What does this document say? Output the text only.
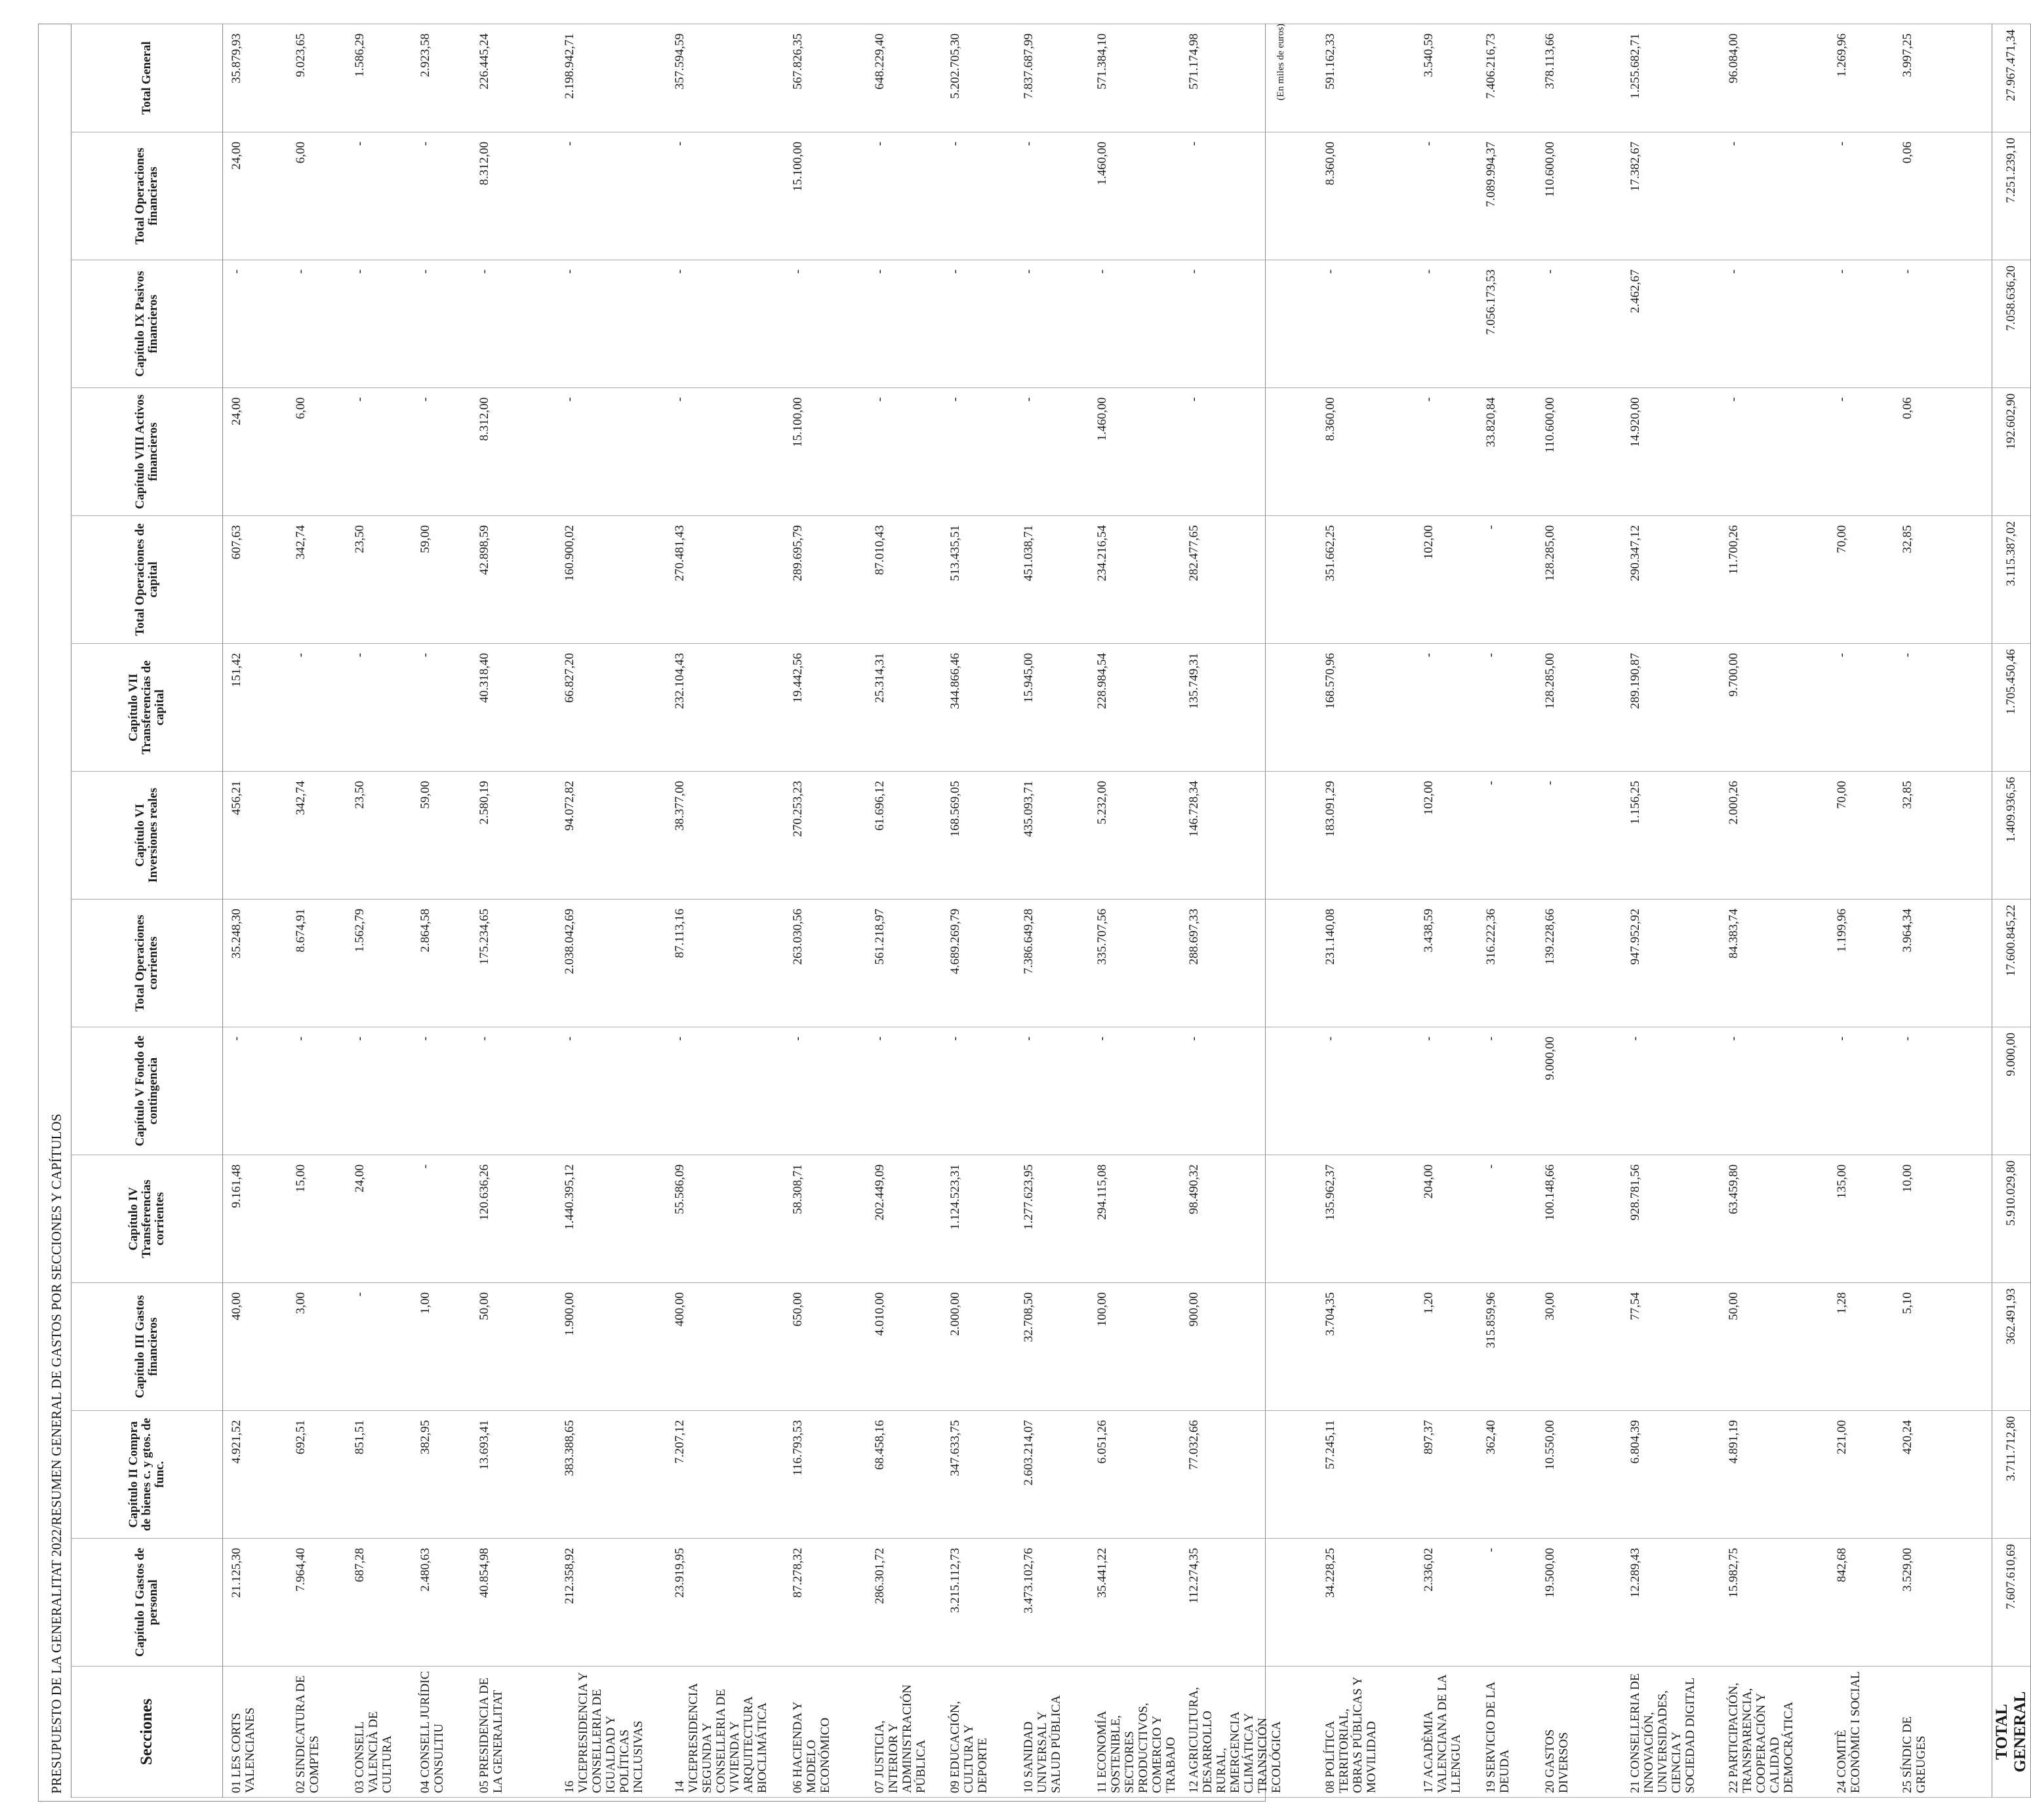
(En miles de euros)
PRESUPUESTO DE LA GENERALITAT 2022/RESUMEN GENERAL DE GASTOS POR SECCIONES Y CAPÍTULOS	Secciones	Capítulo I Gastos de personal	Capítulo II Compra de bienes c. y gtos. de func.	Capítulo III Gastos financieros	Capítulo IV Transferencias corrientes	Capítulo V Fondo de contingencia	Total Operaciones corrientes	Capítulo VI Inversiones reales	Capítulo VII Transferencias de capital	Total Operaciones de capital	Capítulo VIII Activos financieros	Capítulo IX Pasivos financieros	Total Operaciones financieras	Total General
01 LES CORTS VALENCIANES	21.125,30	4.921,52	40,00	9.161,48	-	35.248,30	456,21	151,42	607,63	24,00	-	24,00	35.879,93
02 SINDICATURA DE COMPTES	7.964,40	692,51	3,00	15,00	-	8.674,91	342,74	-	342,74	6,00	-	6,00	9.023,65
03 CONSELL VALENCIÀ DE CULTURA	687,28	851,51	-	24,00	-	1.562,79	23,50	-	23,50	-	-	-	1.586,29
04 CONSELL JURÍDIC CONSULTIU	2.480,63	382,95	1,00	-	-	2.864,58	59,00	-	59,00	-	-	-	2.923,58
05 PRESIDENCIA DE LA GENERALITAT	40.854,98	13.693,41	50,00	120.636,26	-	175.234,65	2.580,19	40.318,40	42.898,59	8.312,00	-	8.312,00	226.445,24
16 VICEPRESIDENCIA Y CONSELLERIA DE IGUALDAD Y POLÍTICAS INCLUSIVAS	212.358,92	383.388,65	1.900,00	1.440.395,12	-	2.038.042,69	94.072,82	66.827,20	160.900,02	-	-	-	2.198.942,71
14 VICEPRESIDENCIA SEGUNDA Y CONSELLERIA DE VIVIENDA Y ARQUITECTURA BIOCLIMÁTICA	23.919,95	7.207,12	400,00	55.586,09	-	87.113,16	38.377,00	232.104,43	270.481,43	-	-	-	357.594,59
06 HACIENDA Y MODELO ECONÓMICO	87.278,32	116.793,53	650,00	58.308,71	-	263.030,56	270.253,23	19.442,56	289.695,79	15.100,00	-	15.100,00	567.826,35
07 JUSTICIA, INTERIOR Y ADMINISTRACIÓN PÚBLICA	286.301,72	68.458,16	4.010,00	202.449,09	-	561.218,97	61.696,12	25.314,31	87.010,43	-	-	-	648.229,40
09 EDUCACIÓN, CULTURA Y DEPORTE	3.215.112,73	347.633,75	2.000,00	1.124.523,31	-	4.689.269,79	168.569,05	344.866,46	513.435,51	-	-	-	5.202.705,30
10 SANIDAD UNIVERSAL Y SALUD PÚBLICA	3.473.102,76	2.603.214,07	32.708,50	1.277.623,95	-	7.386.649,28	435.093,71	15.945,00	451.038,71	-	-	-	7.837.687,99
11 ECONOMÍA SOSTENIBLE, SECTORES PRODUCTIVOS, COMERCIO Y TRABAJO	35.441,22	6.051,26	100,00	294.115,08	-	335.707,56	5.232,00	228.984,54	234.216,54	1.460,00	-	1.460,00	571.384,10
12 AGRICULTURA, DESARROLLO RURAL, EMERGENCIA CLIMÁTICA Y TRANSICIÓN ECOLÓGICA	112.274,35	77.032,66	900,00	98.490,32	-	288.697,33	146.728,34	135.749,31	282.477,65	-	-	-	571.174,98
08 POLÍTICA TERRITORIAL, OBRAS PÚBLICAS Y MOVILIDAD	34.228,25	57.245,11	3.704,35	135.962,37	-	231.140,08	183.091,29	168.570,96	351.662,25	8.360,00	-	8.360,00	591.162,33
17 ACADÈMIA VALENCIANA DE LA LLENGUA	2.336,02	897,37	1,20	204,00	-	3.438,59	102,00	-	102,00	-	-	-	3.540,59
19 SERVICIO DE LA DEUDA	-	362,40	315.859,96	-	-	316.222,36	-	-	-	33.820,84	7.056.173,53	7.089.994,37	7.406.216,73
20 GASTOS DIVERSOS	19.500,00	10.550,00	30,00	100.148,66	9.000,00	139.228,66	-	128.285,00	128.285,00	110.600,00	-	110.600,00	378.113,66
21 CONSELLERIA DE INNOVACIÓN, UNIVERSIDADES, CIENCIA Y SOCIEDAD DIGITAL	12.289,43	6.804,39	77,54	928.781,56	-	947.952,92	1.156,25	289.190,87	290.347,12	14.920,00	2.462,67	17.382,67	1.255.682,71
22 PARTICIPACIÓN, TRANSPARENCIA, COOPERACIÓN Y CALIDAD DEMOCRÁTICA	15.982,75	4.891,19	50,00	63.459,80	-	84.383,74	2.000,26	9.700,00	11.700,26	-	-	-	96.084,00
24 COMITÈ ECONÒMIC I SOCIAL	842,68	221,00	1,28	135,00	-	1.199,96	70,00	-	70,00	-	-	-	1.269,96
25 SÍNDIC DE GREUGES	3.529,00	420,24	5,10	10,00	-	3.964,34	32,85	-	32,85	0,06	-	0,06	3.997,25
TOTAL GENERAL	7.607.610,69	3.711.712,80	362.491,93	5.910.029,80	9.000,00	17.600.845,22	1.409.936,56	1.705.450,46	3.115.387,02	192.602,90	7.058.636,20	7.251.239,10	27.967.471,34
